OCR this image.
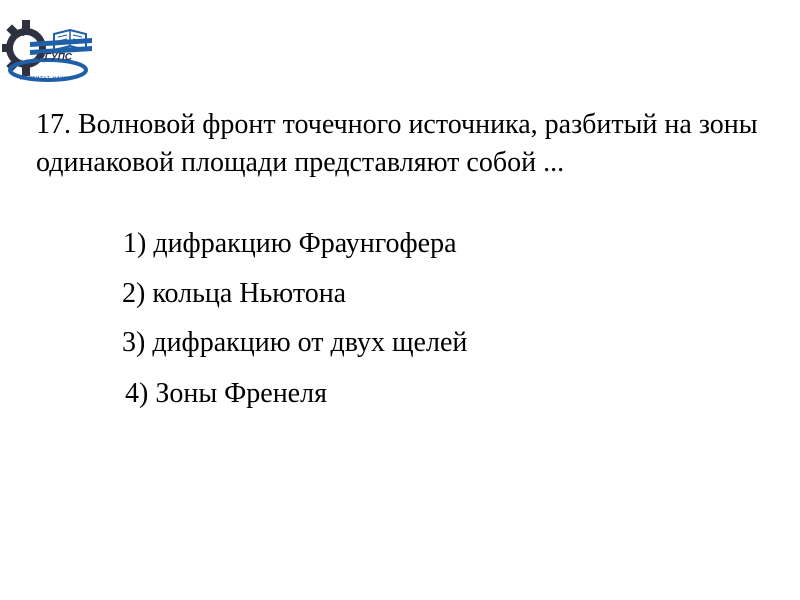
u
РГУПС
ИНСТИТУТ НАУКИ

17. Волновой фронт точечного источника, разбитый на зоны одинаковой площади представляют собой ...

1) дифракцию Фраунгофера
2) кольца Ньютона
3) дифракцию от двух щелей
4) Зоны Френеля
